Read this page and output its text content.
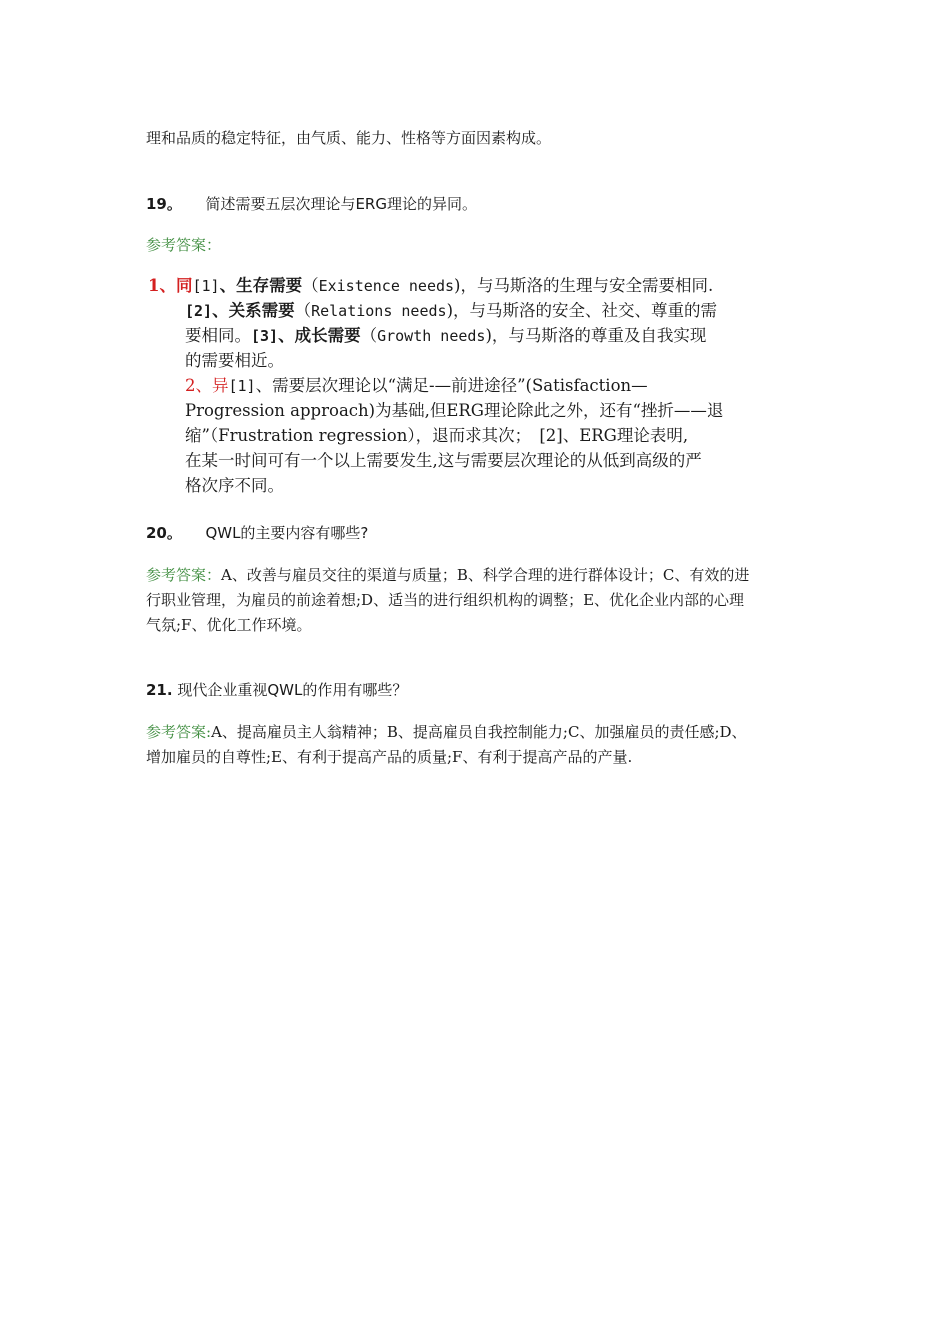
理和品质的稳定特征，由气质、能力、性格等方面因素构成。
19。 简述需要五层次理论与ERG理论的异同。
参考答案：
1、同[1]、生存需要（Existence needs)，与马斯洛的生理与安全需要相同.
[2]、关系需要（Relations needs)，与马斯洛的安全、社交、尊重的需
要相同。[3]、成长需要（Growth needs)，与马斯洛的尊重及自我实现
的需要相近。
2、异[1]、需要层次理论以“满足-—前进途径”(Satisfaction—
Progression approach)为基础,但ERG理论除此之外，还有“挫折——退
缩”（Frustration regression），退而求其次；　[2]、ERG理论表明,
在某一时间可有一个以上需要发生,这与需要层次理论的从低到高级的严
格次序不同。
20。 QWL的主要内容有哪些?
参考答案：A、改善与雇员交往的渠道与质量；B、科学合理的进行群体设计；C、有效的进
行职业管理，为雇员的前途着想;D、适当的进行组织机构的调整；E、优化企业内部的心理
气氛;F、优化工作环境。
21. 现代企业重视QWL的作用有哪些？
参考答案:A、提高雇员主人翁精神；B、提高雇员自我控制能力;C、加强雇员的责任感;D、
增加雇员的自尊性;E、有利于提高产品的质量;F、有利于提高产品的产量.
